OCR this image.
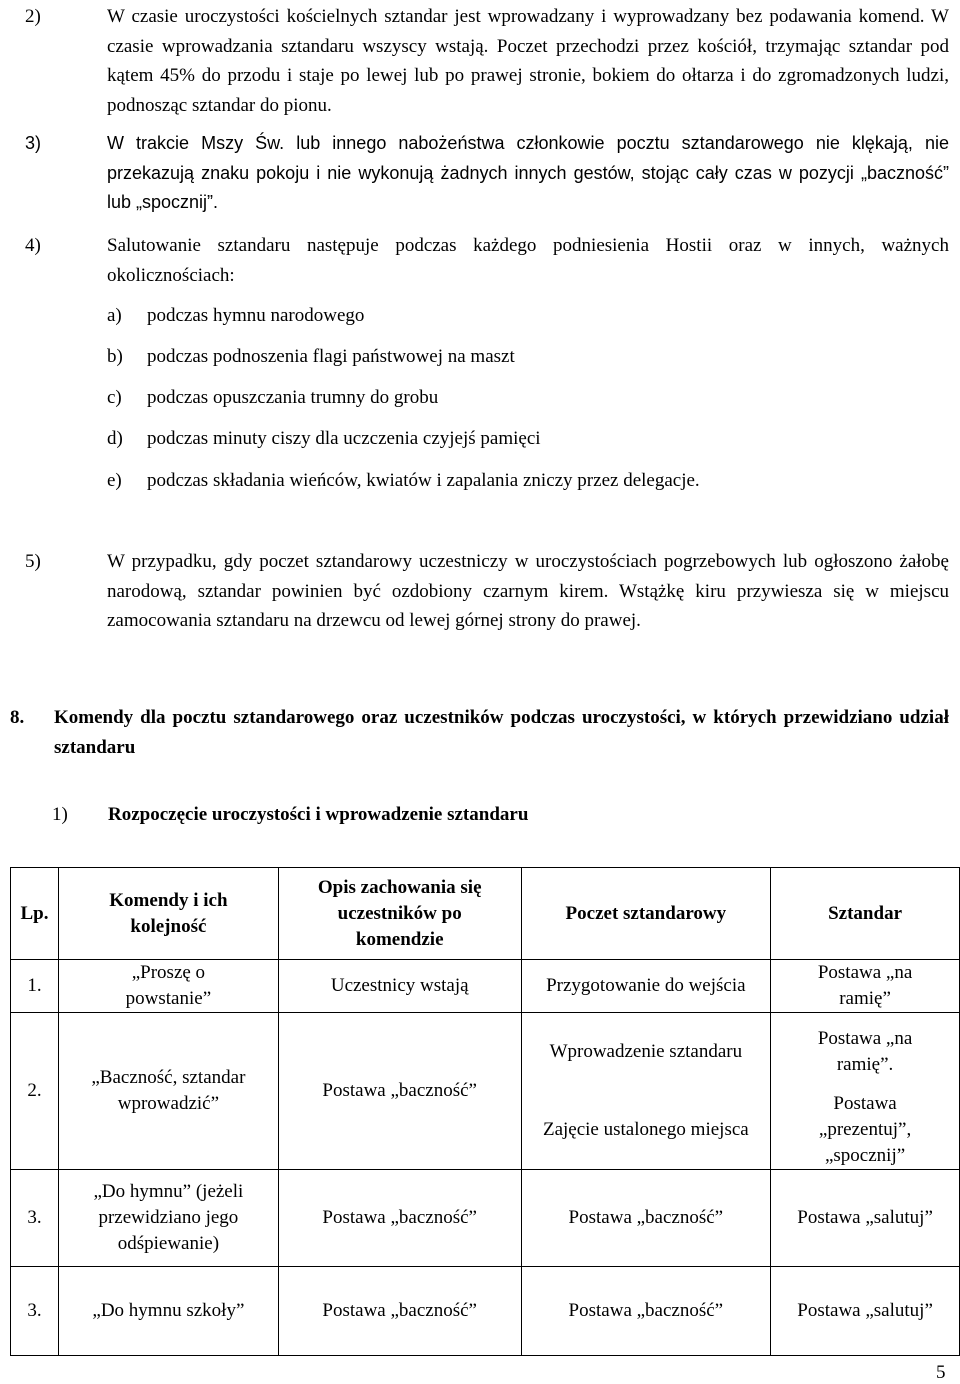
2)	W czasie uroczystości kościelnych sztandar jest wprowadzany i wyprowadzany bez podawania komend. W czasie wprowadzania sztandaru wszyscy wstają. Poczet przechodzi przez kościół, trzymając sztandar pod kątem 45% do przodu i staje po lewej lub po prawej stronie, bokiem do ołtarza i do zgromadzonych ludzi, podnosząc sztandar do pionu.
3)	W trakcie Mszy Św. lub innego nabożeństwa członkowie pocztu sztandarowego nie klękają, nie przekazują znaku pokoju i nie wykonują żadnych innych gestów, stojąc cały czas w pozycji „baczność” lub „spocznij”.
4)	Salutowanie sztandaru następuje podczas każdego podniesienia Hostii oraz w innych, ważnych okolicznościach:
a) podczas hymnu narodowego
b) podczas podnoszenia flagi państwowej na maszt
c) podczas opuszczania trumny do grobu
d) podczas minuty ciszy dla uczczenia czyjejś pamięci
e) podczas składania wieńców, kwiatów i zapalania zniczy przez delegacje.
5)	W przypadku, gdy poczet sztandarowy uczestniczy w uroczystościach pogrzebowych lub ogłoszono żałobę narodową, sztandar powinien być ozdobiony czarnym kirem. Wstążkę kiru przywiesza się w miejscu zamocowania sztandaru na drzewcu od lewej górnej strony do prawej.
8. Komendy dla pocztu sztandarowego oraz uczestników podczas uroczystości, w których przewidziano udział sztandaru
1) Rozpoczęcie uroczystości i wprowadzenie sztandaru
Lp.	Komendy i ich kolejność	Opis zachowania się uczestników po komendzie	Poczet sztandarowy	Sztandar
1.	„Proszę o powstanie”	Uczestnicy wstają	Przygotowanie do wejścia	Postawa „na ramię”
2.	„Baczność, sztandar wprowadzić”	Postawa „baczność”	Wprowadzenie sztandaru	Postawa „na ramię”.
			Zajęcie ustalonego miejsca	Postawa „prezentuj”, „spocznij”
3.	„Do hymnu” (jeżeli przewidziano jego odśpiewanie)	Postawa „baczność”	Postawa „baczność”	Postawa „salutuj”
3.	„Do hymnu szkoły”	Postawa „baczność”	Postawa „baczność”	Postawa „salutuj”
5
